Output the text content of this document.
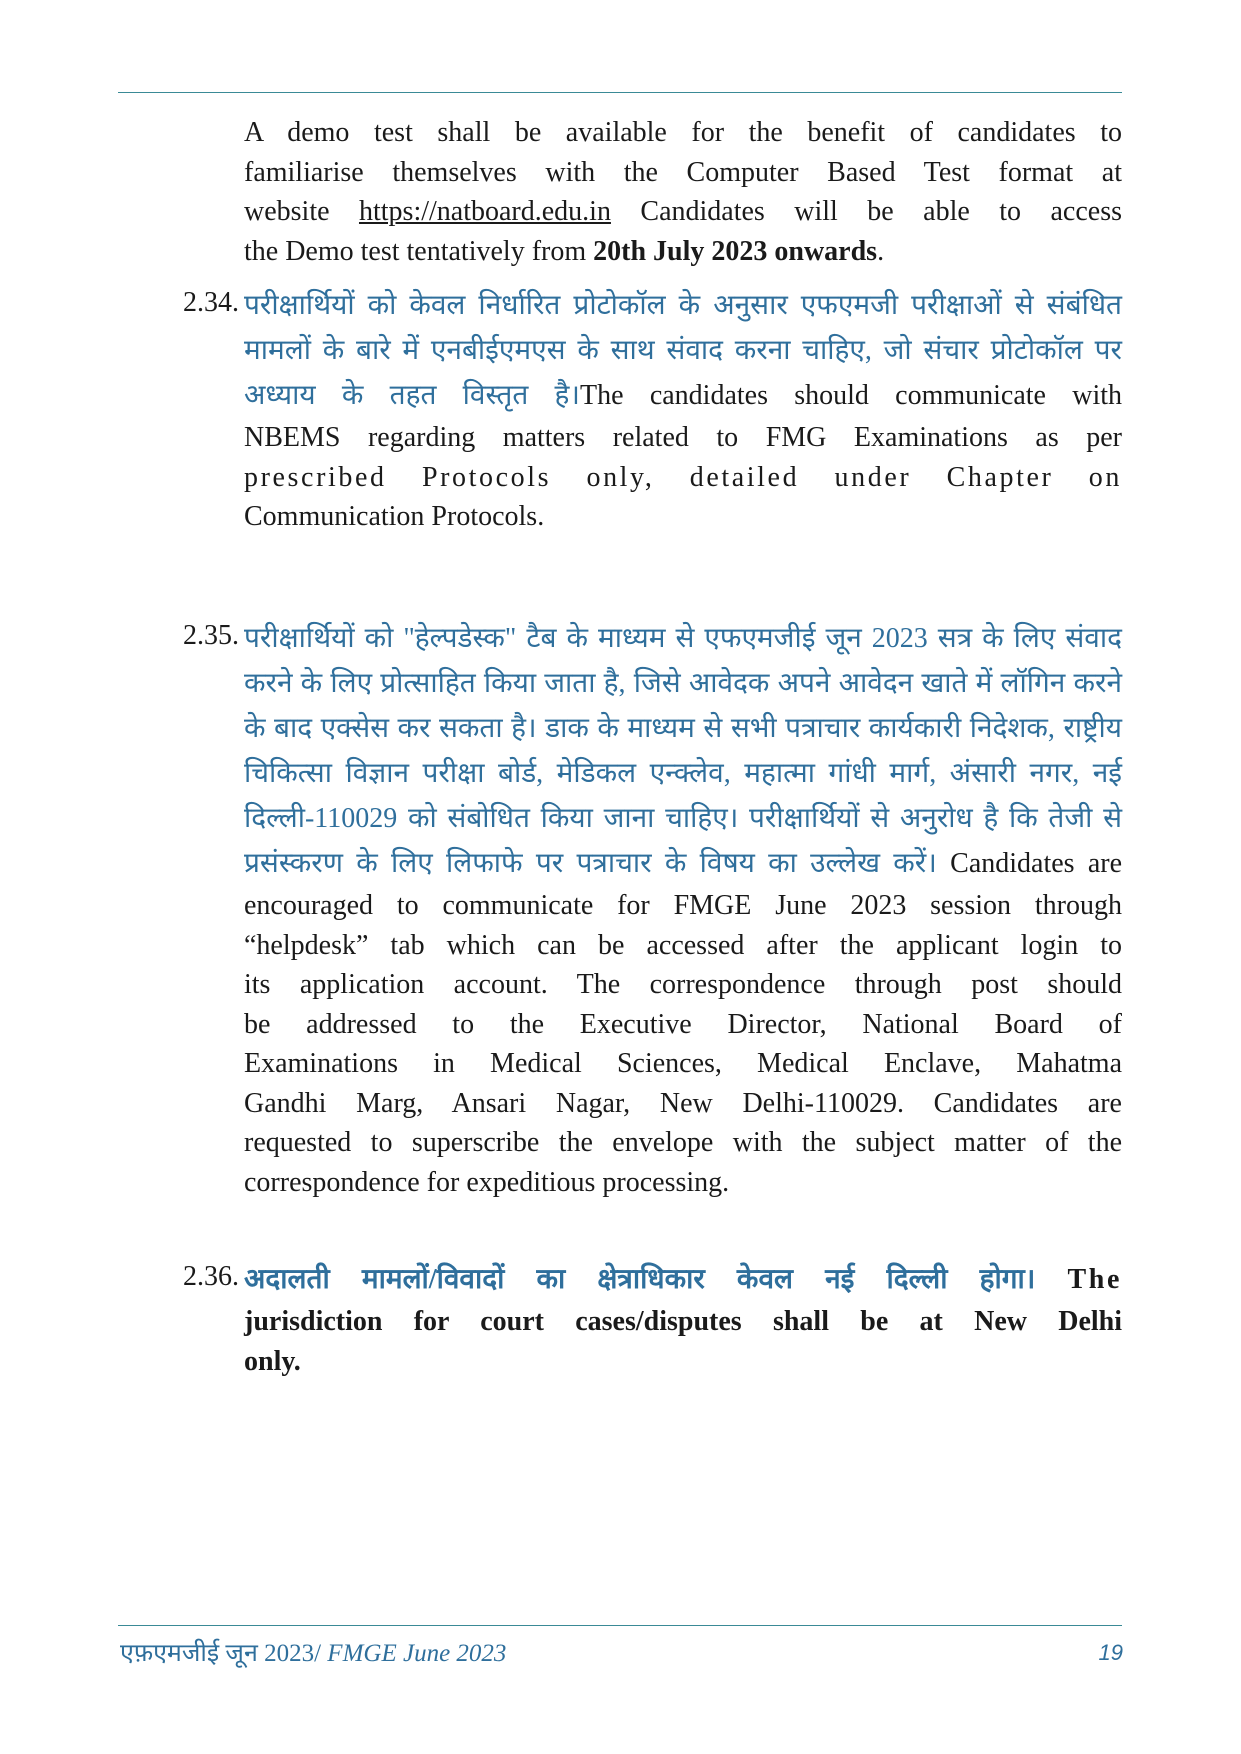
A demo test shall be available for the benefit of candidates to
familiarise themselves with the Computer Based Test format at
website https://natboard.edu.in Candidates will be able to access
the Demo test tentatively from 20th July 2023 onwards.
2.34. परीक्षार्थियों को केवल निर्धारित प्रोटोकॉल के अनुसार एफएमजी परीक्षाओं से संबंधित
मामलों के बारे में एनबीईएमएस के साथ संवाद करना चाहिए, जो संचार प्रोटोकॉल पर
अध्याय के तहत विस्तृत है।The candidates should communicate with
NBEMS regarding matters related to FMG Examinations as per
prescribed Protocols only, detailed under Chapter on
Communication Protocols.
2.35. परीक्षार्थियों को "हेल्पडेस्क" टैब के माध्यम से एफएमजीई जून 2023 सत्र के लिए संवाद
करने के लिए प्रोत्साहित किया जाता है, जिसे आवेदक अपने आवेदन खाते में लॉगिन करने
के बाद एक्सेस कर सकता है। डाक के माध्यम से सभी पत्राचार कार्यकारी निदेशक, राष्ट्रीय
चिकित्सा विज्ञान परीक्षा बोर्ड, मेडिकल एन्क्लेव, महात्मा गांधी मार्ग, अंसारी नगर, नई
दिल्ली-110029 को संबोधित किया जाना चाहिए। परीक्षार्थियों से अनुरोध है कि तेजी से
प्रसंस्करण के लिए लिफाफे पर पत्राचार के विषय का उल्लेख करें। Candidates are
encouraged to communicate for FMGE June 2023 session through
“helpdesk” tab which can be accessed after the applicant login to
its application account. The correspondence through post should
be addressed to the Executive Director, National Board of
Examinations in Medical Sciences, Medical Enclave, Mahatma
Gandhi Marg, Ansari Nagar, New Delhi-110029. Candidates are
requested to superscribe the envelope with the subject matter of the
correspondence for expeditious processing.
2.36. अदालती मामलों/विवादों का क्षेत्राधिकार केवल नई दिल्ली होगा। The
jurisdiction for court cases/disputes shall be at New Delhi
only.
एफ़एमजीई जून 2023/ FMGE June 2023	19
